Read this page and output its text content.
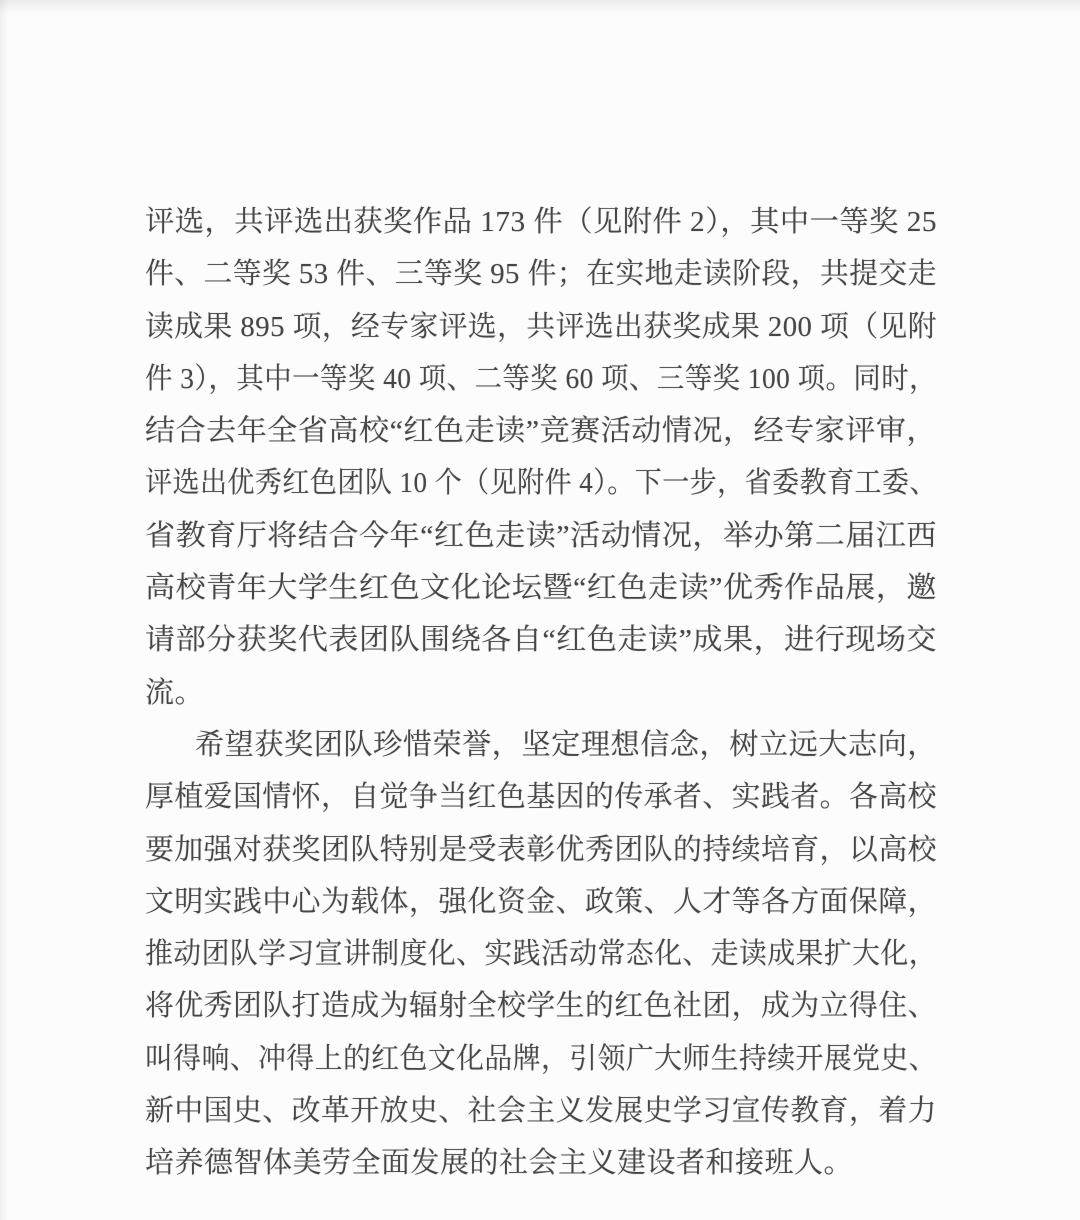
评选，共评选出获奖作品 173 件（见附件 2），其中一等奖 25
件、二等奖 53 件、三等奖 95 件；在实地走读阶段，共提交走
读成果 895 项，经专家评选，共评选出获奖成果 200 项（见附
件 3），其中一等奖 40 项、二等奖 60 项、三等奖 100 项。同时，
结合去年全省高校“红色走读”竞赛活动情况，经专家评审，
评选出优秀红色团队 10 个（见附件 4）。下一步，省委教育工委、
省教育厅将结合今年“红色走读”活动情况，举办第二届江西
高校青年大学生红色文化论坛暨“红色走读”优秀作品展，邀
请部分获奖代表团队围绕各自“红色走读”成果，进行现场交
流。
希望获奖团队珍惜荣誉，坚定理想信念，树立远大志向，
厚植爱国情怀，自觉争当红色基因的传承者、实践者。各高校
要加强对获奖团队特别是受表彰优秀团队的持续培育，以高校
文明实践中心为载体，强化资金、政策、人才等各方面保障，
推动团队学习宣讲制度化、实践活动常态化、走读成果扩大化，
将优秀团队打造成为辐射全校学生的红色社团，成为立得住、
叫得响、冲得上的红色文化品牌，引领广大师生持续开展党史、
新中国史、改革开放史、社会主义发展史学习宣传教育，着力
培养德智体美劳全面发展的社会主义建设者和接班人。
